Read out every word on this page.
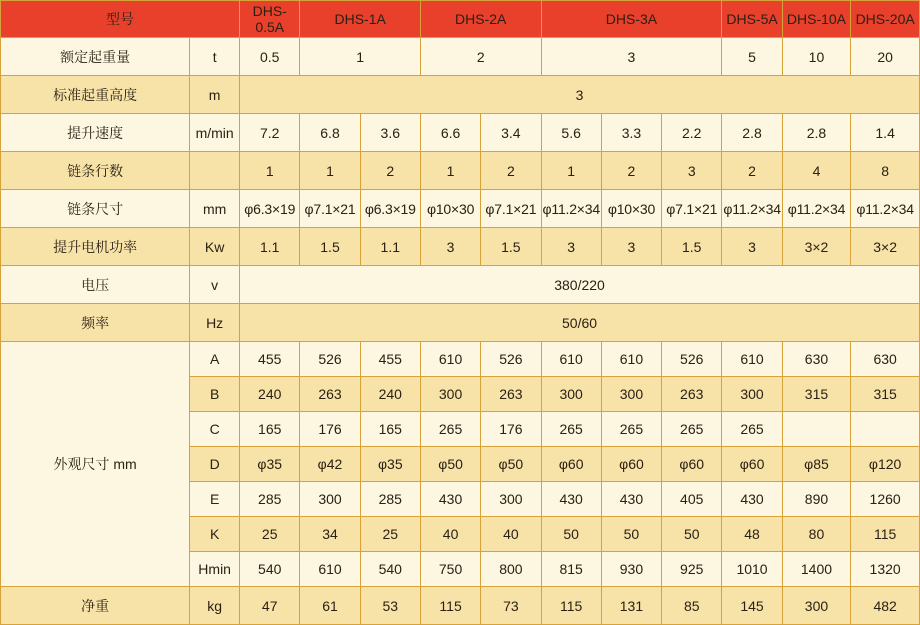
型号		DHS-0.5A	DHS-1A		DHS-2A		DHS-3A			DHS-5A	DHS-10A	DHS-20A
额定起重量	t	0.5	1		2		3			5	10	20
标准起重高度	m	3										
提升速度	m/min	7.2	6.8	3.6	6.6	3.4	5.6	3.3	2.2	2.8	2.8	1.4
链条行数		1	1	2	1	2	1	2	3	2	4	8
链条尺寸	mm	φ6.3×19	φ7.1×21	φ6.3×19	φ10×30	φ7.1×21	φ11.2×34	φ10×30	φ7.1×21	φ11.2×34	φ11.2×34	φ11.2×34
提升电机功率	Kw	1.1	1.5	1.1	3	1.5	3	3	1.5	3	3×2	3×2
电压	v	380/220										
频率	Hz	50/60										
外观尺寸 mm	A	455	526	455	610	526	610	610	526	610	630	630
	B	240	263	240	300	263	300	300	263	300	315	315
	C	165	176	165	265	176	265	265	265	265		
	D	φ35	φ42	φ35	φ50	φ50	φ60	φ60	φ60	φ60	φ85	φ120
	E	285	300	285	430	300	430	430	405	430	890	1260
	K	25	34	25	40	40	50	50	50	48	80	115
	Hmin	540	610	540	750	800	815	930	925	1010	1400	1320
净重	kg	47	61	53	115	73	115	131	85	145	300	482
